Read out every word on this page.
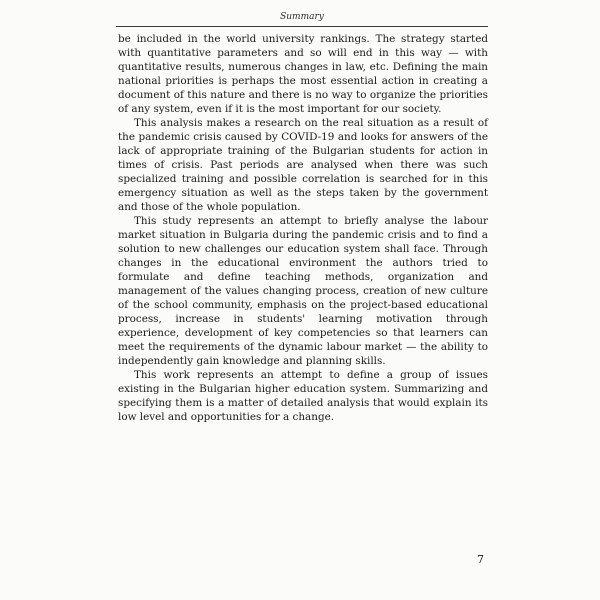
Summary

be included in the world university rankings. The strategy started with quantitative parameters and so will end in this way — with quantitative results, numerous changes in law, etc. Defining the main national priorities is perhaps the most essential action in creating a document of this nature and there is no way to organize the priorities of any system, even if it is the most important for our society.

This analysis makes a research on the real situation as a result of the pandemic crisis caused by COVID-19 and looks for answers of the lack of appropriate training of the Bulgarian students for action in times of crisis. Past periods are analysed when there was such specialized training and possible correlation is searched for in this emergency situation as well as the steps taken by the government and those of the whole population.

This study represents an attempt to briefly analyse the labour market situation in Bulgaria during the pandemic crisis and to find a solution to new challenges our education system shall face. Through changes in the educational environment the authors tried to formulate and define teaching methods, organization and management of the values changing process, creation of new culture of the school community, emphasis on the project-based educational process, increase in students' learning motivation through experience, development of key competencies so that learners can meet the requirements of the dynamic labour market — the ability to independently gain knowledge and planning skills.

This work represents an attempt to define a group of issues existing in the Bulgarian higher education system. Summarizing and specifying them is a matter of detailed analysis that would explain its low level and opportunities for a change.

7
